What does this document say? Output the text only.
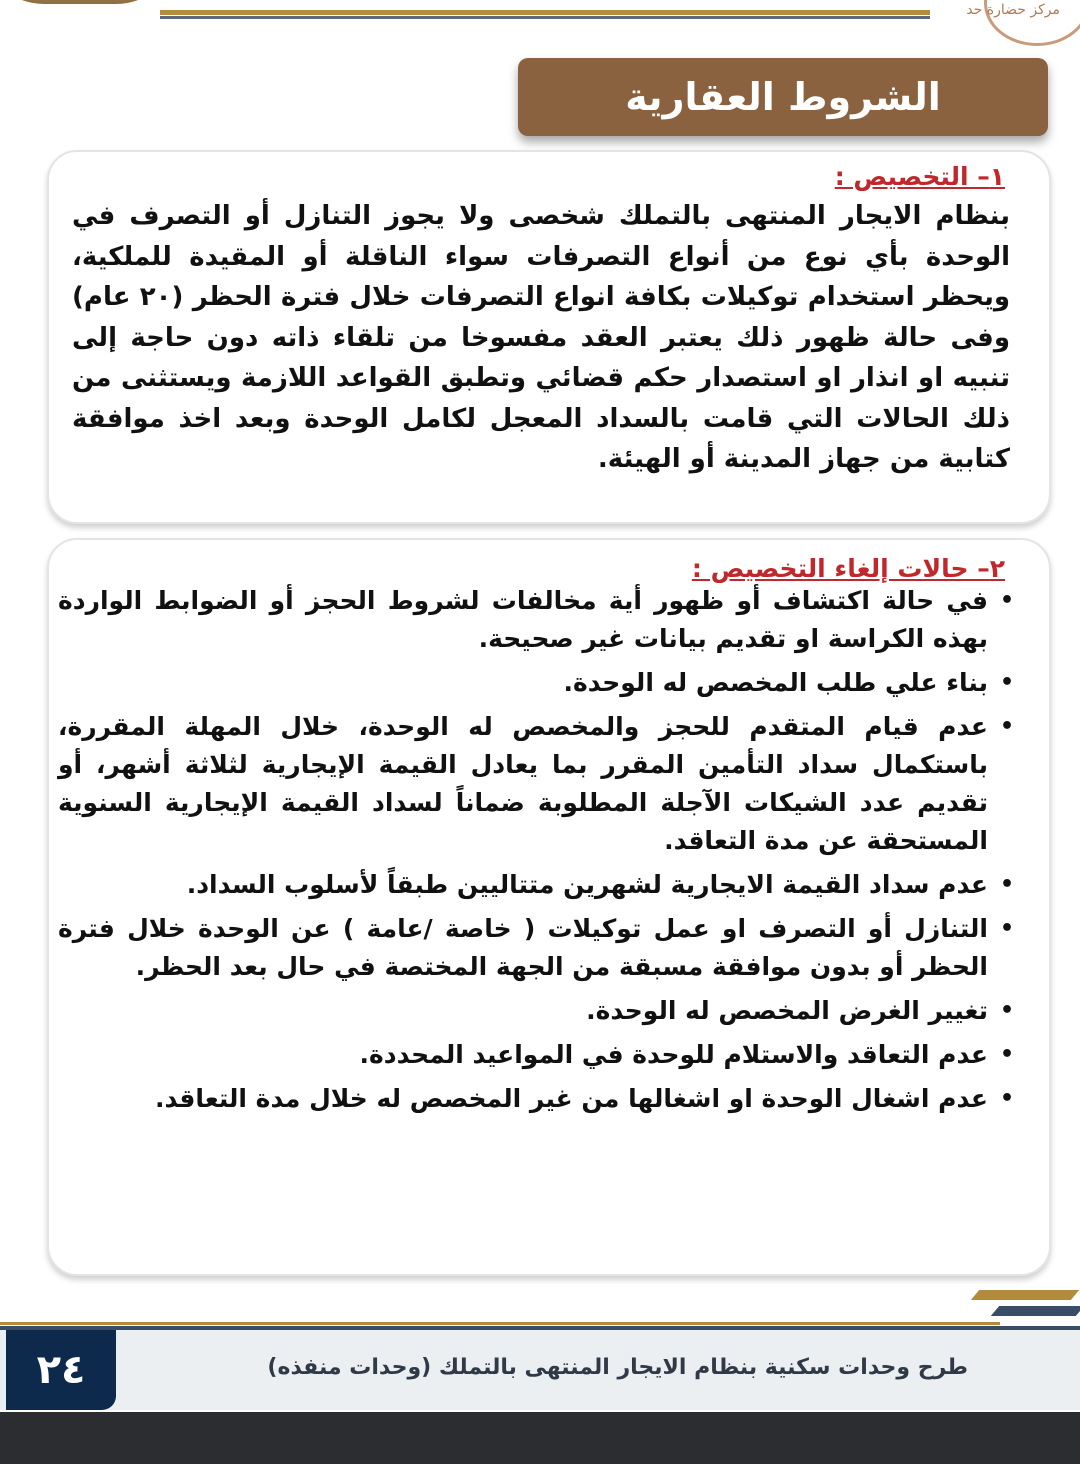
مركز حضارة حد
الشروط العقارية
١– التخصيص :
بنظام الايجار المنتهى بالتملك شخصى ولا يجوز التنازل أو التصرف في الوحدة بأي نوع من أنواع التصرفات سواء الناقلة أو المقيدة للملكية، ويحظر استخدام توكيلات بكافة انواع التصرفات خلال فترة الحظر (٢٠ عام) وفى حالة ظهور ذلك يعتبر العقد مفسوخا من تلقاء ذاته دون حاجة إلى تنبيه او انذار او استصدار حكم قضائي وتطبق القواعد اللازمة ويستثنى من ذلك الحالات التي قامت بالسداد المعجل لكامل الوحدة وبعد اخذ موافقة كتابية من جهاز المدينة أو الهيئة.
٢– حالات إلغاء التخصيص :
•
في حالة اكتشاف أو ظهور أية مخالفات لشروط الحجز أو الضوابط الواردة بهذه الكراسة او تقديم بيانات غير صحيحة.
•
بناء علي طلب المخصص له الوحدة.
•
عدم قيام المتقدم للحجز والمخصص له الوحدة، خلال المهلة المقررة، باستكمال سداد التأمين المقرر بما يعادل القيمة الإيجارية لثلاثة أشهر، أو تقديم عدد الشيكات الآجلة المطلوبة ضماناً لسداد القيمة الإيجارية السنوية المستحقة عن مدة التعاقد.
•
عدم سداد القيمة الايجارية لشهرين متتاليين طبقاً لأسلوب السداد.
•
التنازل أو التصرف او عمل توكيلات ( خاصة /عامة ) عن الوحدة خلال فترة الحظر أو بدون موافقة مسبقة من الجهة المختصة في حال بعد الحظر.
•
تغيير الغرض المخصص له الوحدة.
•
عدم التعاقد والاستلام للوحدة في المواعيد المحددة.
•
عدم اشغال الوحدة او اشغالها من غير المخصص له خلال مدة التعاقد.
٢٤	طرح وحدات سكنية بنظام الايجار المنتهى بالتملك (وحدات منفذه)
